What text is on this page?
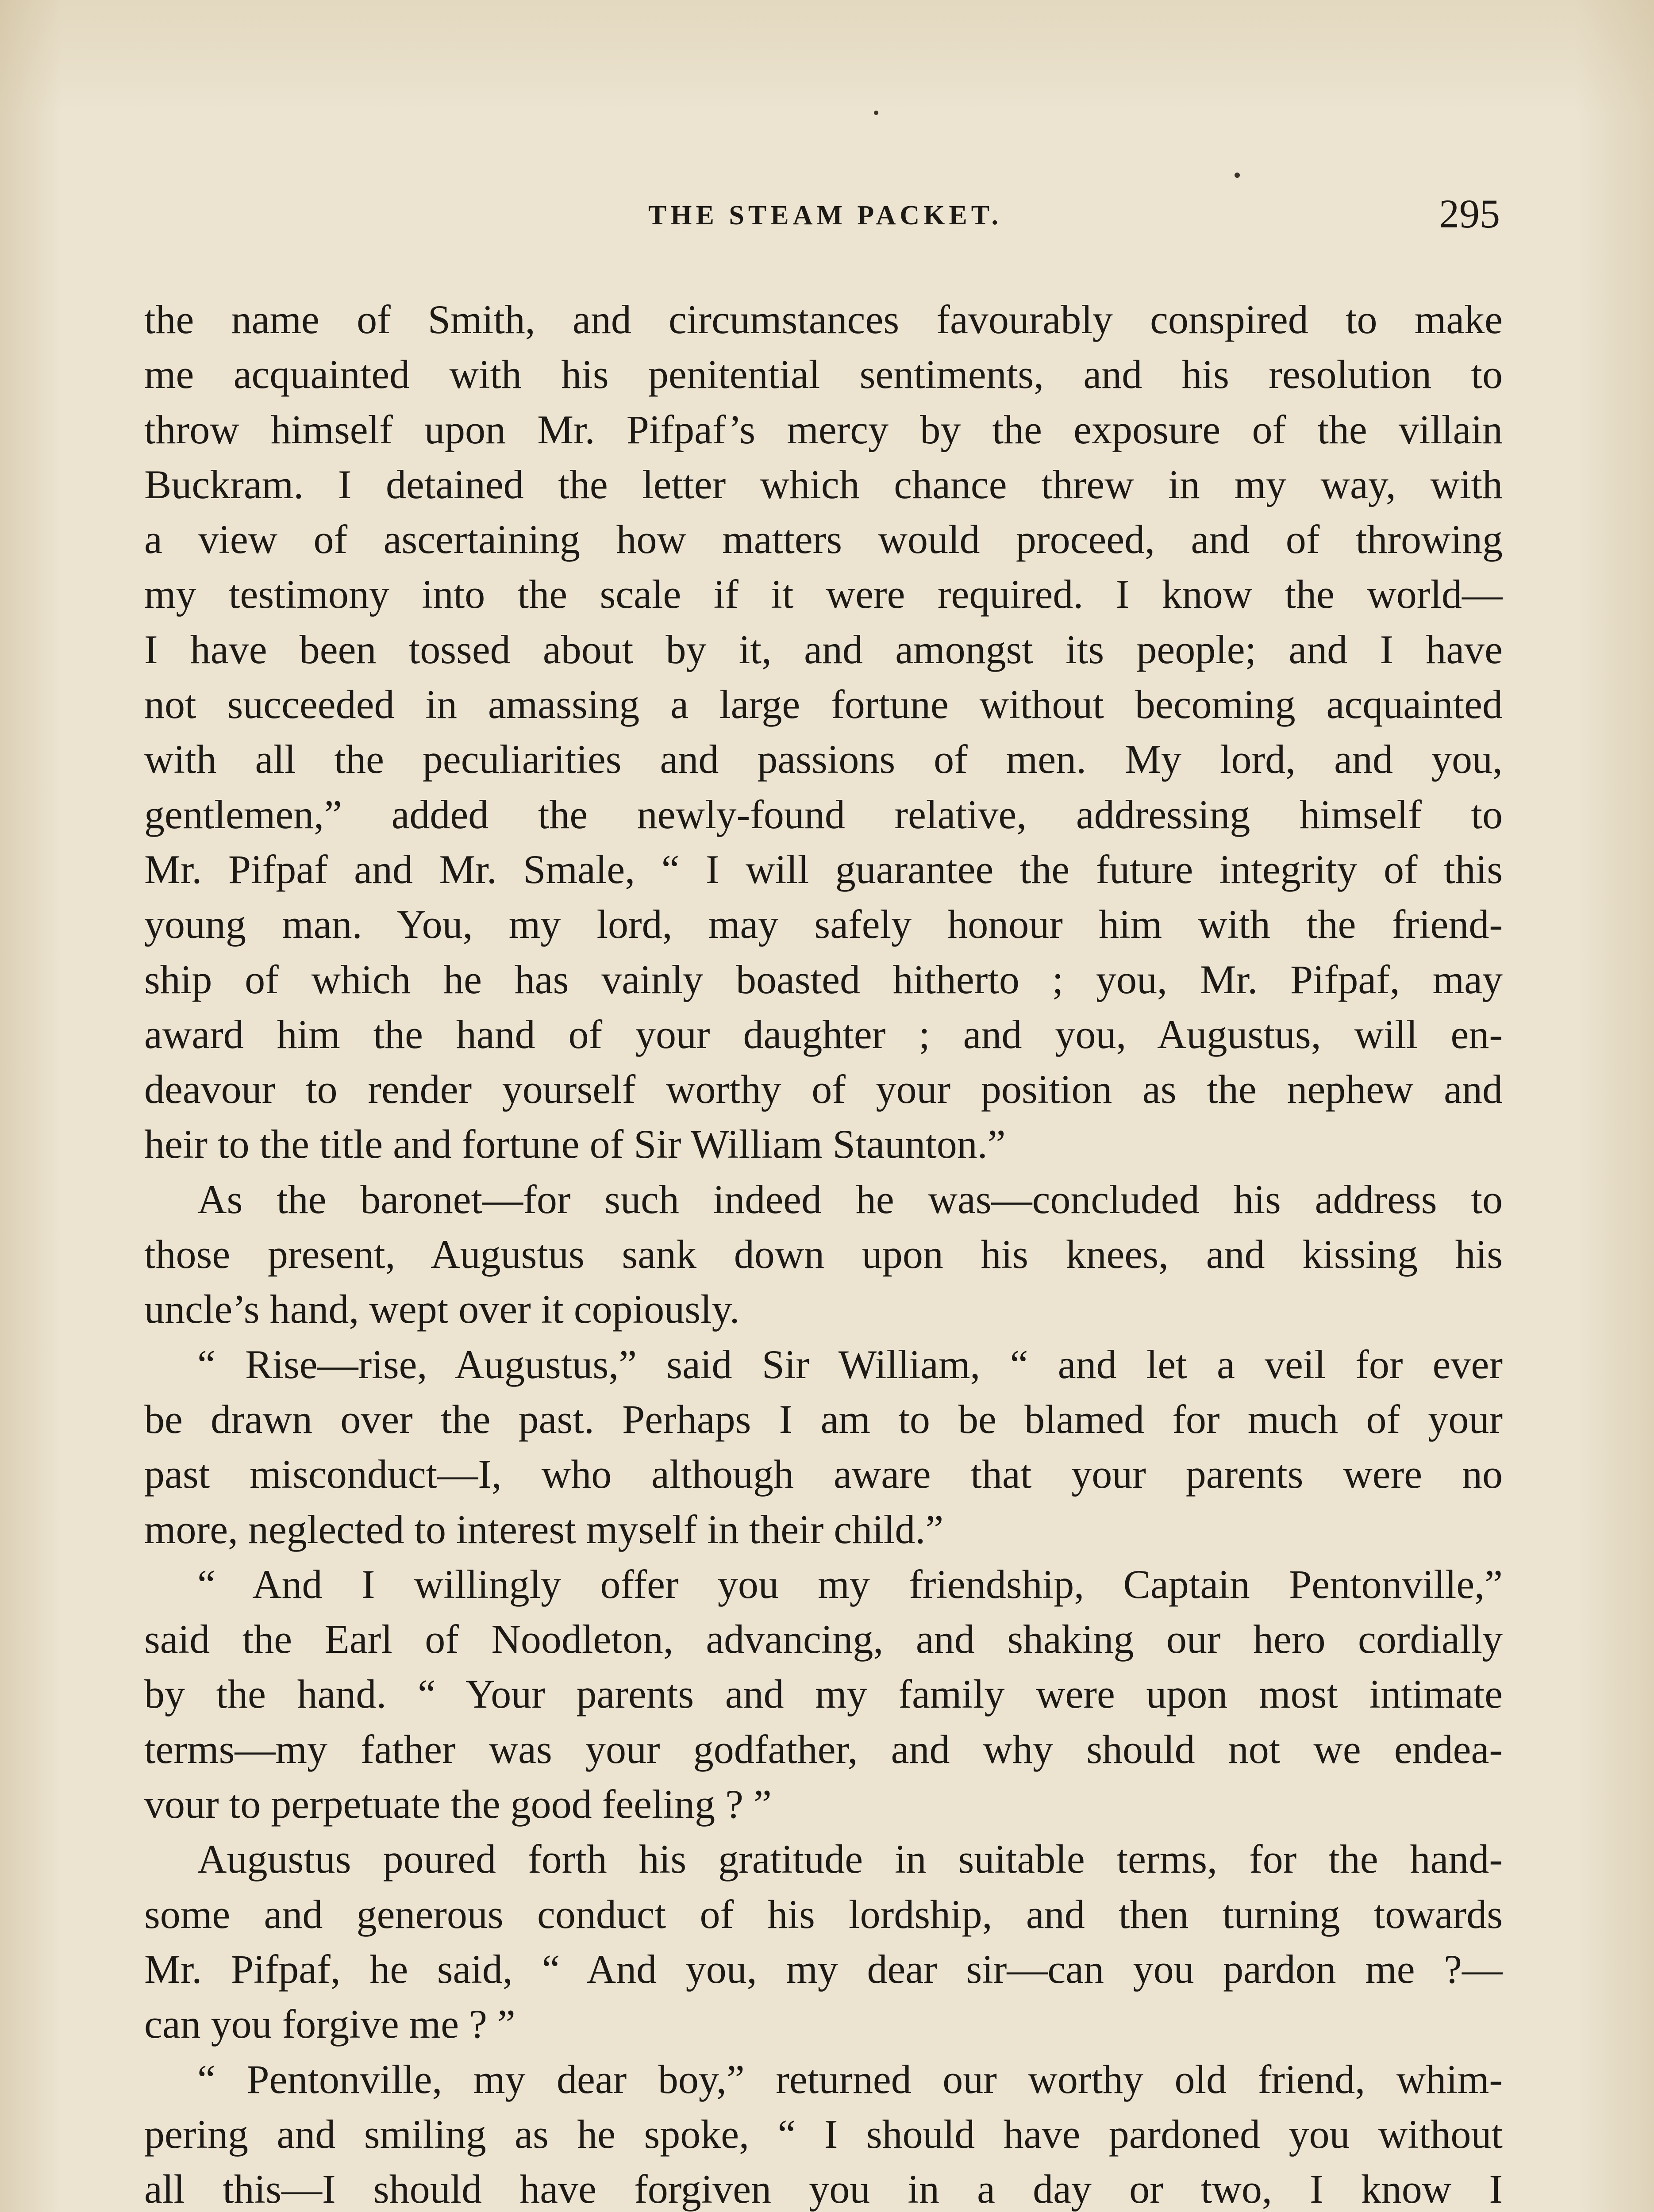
THE STEAM PACKET.	295
the name of Smith, and circumstances favourably conspired to make
me acquainted with his penitential sentiments, and his resolution to
throw himself upon Mr. Pifpaf’s mercy by the exposure of the villain
Buckram. I detained the letter which chance threw in my way, with
a view of ascertaining how matters would proceed, and of throwing
my testimony into the scale if it were required. I know the world—
I have been tossed about by it, and amongst its people; and I have
not succeeded in amassing a large fortune without becoming acquainted
with all the peculiarities and passions of men. My lord, and you,
gentlemen,” added the newly-found relative, addressing himself to
Mr. Pifpaf and Mr. Smale, “ I will guarantee the future integrity of this
young man. You, my lord, may safely honour him with the friend-
ship of which he has vainly boasted hitherto ; you, Mr. Pifpaf, may
award him the hand of your daughter ; and you, Augustus, will en-
deavour to render yourself worthy of your position as the nephew and
heir to the title and fortune of Sir William Staunton.”
As the baronet—for such indeed he was—concluded his address to
those present, Augustus sank down upon his knees, and kissing his
uncle’s hand, wept over it copiously.
“ Rise—rise, Augustus,” said Sir William, “ and let a veil for ever
be drawn over the past. Perhaps I am to be blamed for much of your
past misconduct—I, who although aware that your parents were no
more, neglected to interest myself in their child.”
“ And I willingly offer you my friendship, Captain Pentonville,”
said the Earl of Noodleton, advancing, and shaking our hero cordially
by the hand. “ Your parents and my family were upon most intimate
terms—my father was your godfather, and why should not we endea-
vour to perpetuate the good feeling ? ”
Augustus poured forth his gratitude in suitable terms, for the hand-
some and generous conduct of his lordship, and then turning towards
Mr. Pifpaf, he said, “ And you, my dear sir—can you pardon me ?—
can you forgive me ? ”
“ Pentonville, my dear boy,” returned our worthy old friend, whim-
pering and smiling as he spoke, “ I should have pardoned you without
all this—I should have forgiven you in a day or two, I know I
